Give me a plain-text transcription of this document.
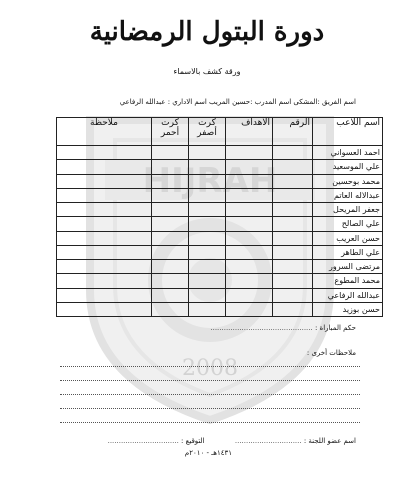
HIJRAH
2008
دورة البتول الرمضانية
ورقة كشف بالاسماء
اسم الفريق :المشكى اسم المدرب :حسين المريب اسم الاداري : عبدالله الرفاعي
اسم اللاعب	الرقم	الاهداف	كرت أصفر	كرت أحمر	ملاحظة
احمد العسواني					
علي الموسعيد					
محمد بوحسين					
عبدالاله العاتم					
جعفر المريحل					
علي الصالح					
حسن العريب					
علي الطاهر					
مرتضى السرور					
محمد المطوع					
عبدالله الرفاعي					
حسن بوزيد					
حكم المباراة : ..............................................
ملاحظات أخرى :
اسم عضو اللجنة : .............................. التوقيع : ................................
١٤٣١هـ - ٢٠١٠م
